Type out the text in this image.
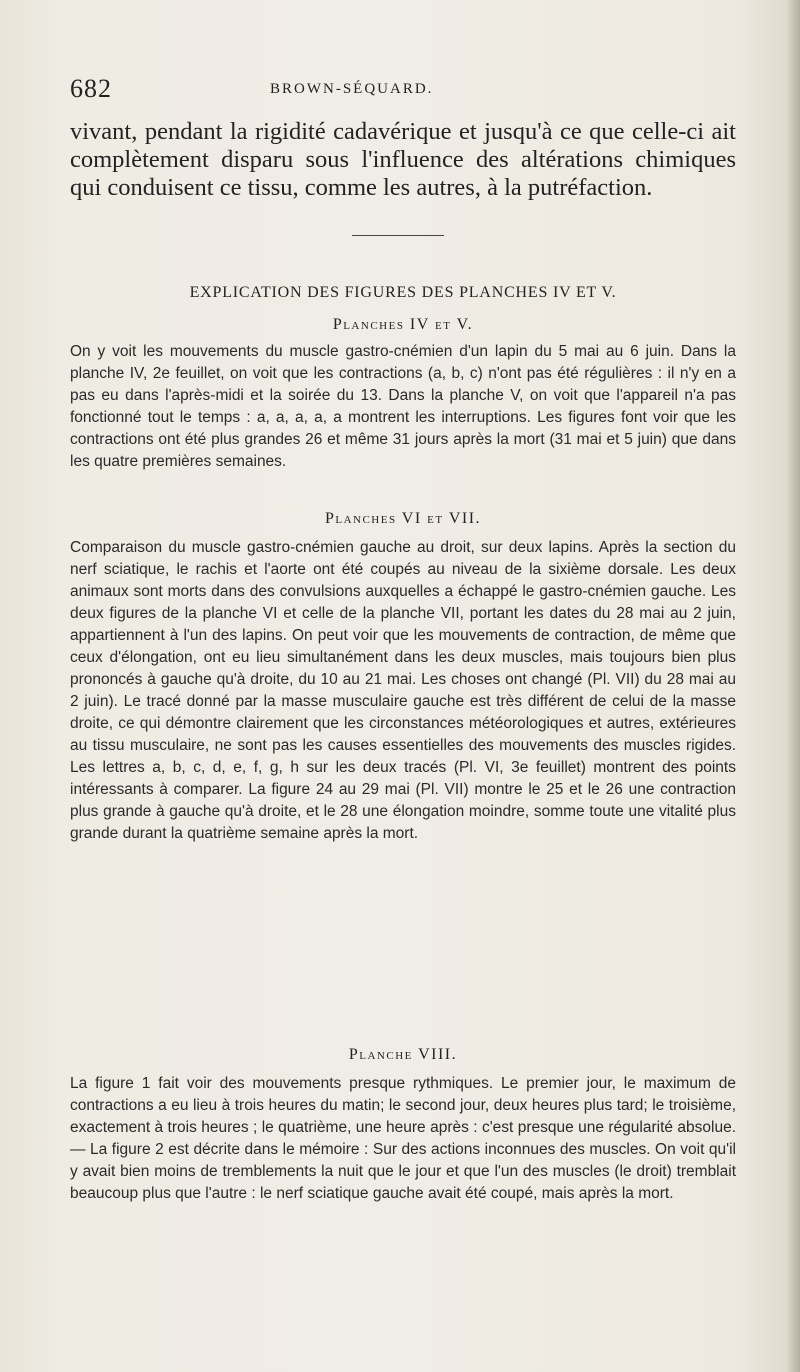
682	BROWN-SÉQUARD.

vivant, pendant la rigidité cadavérique et jusqu'à ce que celle-ci ait complètement disparu sous l'influence des altérations chimiques qui conduisent ce tissu, comme les autres, à la putréfaction.

EXPLICATION DES FIGURES DES PLANCHES IV ET V.
Planches IV et V.

On y voit les mouvements du muscle gastro-cnémien d'un lapin du 5 mai au 6 juin. Dans la planche IV, 2e feuillet, on voit que les contractions (a, b, c) n'ont pas été régulières : il n'y en a pas eu dans l'après-midi et la soirée du 13. Dans la planche V, on voit que l'appareil n'a pas fonctionné tout le temps : a, a, a, a, a montrent les interruptions. Les figures font voir que les contractions ont été plus grandes 26 et même 31 jours après la mort (31 mai et 5 juin) que dans les quatre premières semaines.

Planches VI et VII.

Comparaison du muscle gastro-cnémien gauche au droit, sur deux lapins. Après la section du nerf sciatique, le rachis et l'aorte ont été coupés au niveau de la sixième dorsale. Les deux animaux sont morts dans des convulsions auxquelles a échappé le gastro-cnémien gauche. Les deux figures de la planche VI et celle de la planche VII, portant les dates du 28 mai au 2 juin, appartiennent à l'un des lapins. On peut voir que les mouvements de contraction, de même que ceux d'élongation, ont eu lieu simultanément dans les deux muscles, mais toujours bien plus prononcés à gauche qu'à droite, du 10 au 21 mai. Les choses ont changé (Pl. VII) du 28 mai au 2 juin). Le tracé donné par la masse musculaire gauche est très différent de celui de la masse droite, ce qui démontre clairement que les circonstances météorologiques et autres, extérieures au tissu musculaire, ne sont pas les causes essentielles des mouvements des muscles rigides. Les lettres a, b, c, d, e, f, g, h sur les deux tracés (Pl. VI, 3e feuillet) montrent des points intéressants à comparer. La figure 24 au 29 mai (Pl. VII) montre le 25 et le 26 une contraction plus grande à gauche qu'à droite, et le 28 une élongation moindre, somme toute une vitalité plus grande durant la quatrième semaine après la mort.

Planche VIII.

La figure 1 fait voir des mouvements presque rythmiques. Le premier jour, le maximum de contractions a eu lieu à trois heures du matin; le second jour, deux heures plus tard; le troisième, exactement à trois heures ; le quatrième, une heure après : c'est presque une régularité absolue. — La figure 2 est décrite dans le mémoire : Sur des actions inconnues des muscles. On voit qu'il y avait bien moins de tremblements la nuit que le jour et que l'un des muscles (le droit) tremblait beaucoup plus que l'autre : le nerf sciatique gauche avait été coupé, mais après la mort.
